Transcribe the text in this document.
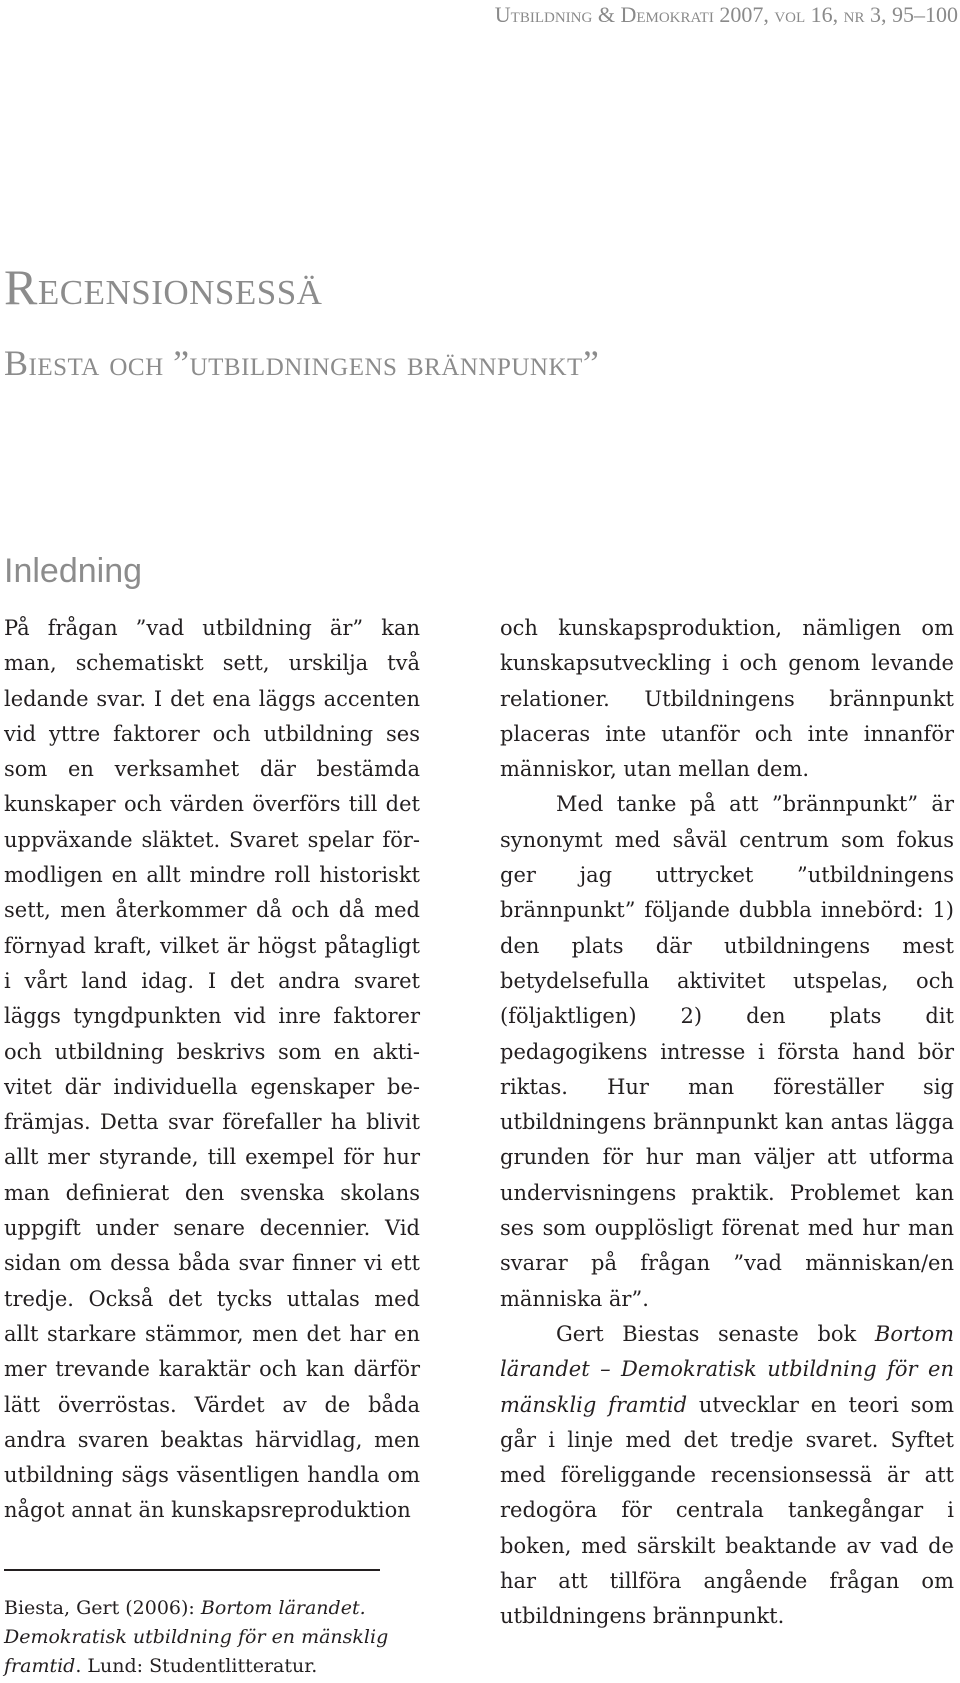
Utbildning & Demokrati 2007, vol 16, nr 3, 95–100
Recensionsessä
Biesta och ”utbildningens brännpunkt”
Inledning

På frågan ”vad utbildning är” kan man, schematiskt sett, urskilja två ledande svar. I det ena läggs accenten vid yttre faktorer och utbildning ses som en verksamhet där bestämda kunskaper och värden överförs till det uppväxande släktet. Svaret spelar förmodligen en allt mindre roll historiskt sett, men återkommer då och då med förnyad kraft, vilket är högst påtagligt i vårt land idag. I det andra svaret läggs tyngdpunkten vid inre faktorer och utbildning beskrivs som en aktivitet där individuella egenskaper befrämjas. Detta svar förefaller ha blivit allt mer styrande, till exempel för hur man definierat den svenska skolans uppgift under senare decennier. Vid sidan om dessa båda svar finner vi ett tredje. Också det tycks uttalas med allt starkare stämmor, men det har en mer trevande karaktär och kan därför lätt överröstas. Värdet av de båda andra svaren beaktas härvidlag, men utbildning sägs väsentligen handla om något annat än kunskapsreproduktion

och kunskapsproduktion, nämligen om kunskapsutveckling i och genom levande relationer. Utbildningens brännpunkt placeras inte utanför och inte innanför människor, utan mellan dem.

Med tanke på att ”brännpunkt” är synonymt med såväl centrum som fokus ger jag uttrycket ”utbildningens brännpunkt” följande dubbla innebörd: 1) den plats där utbildningens mest betydelsefulla aktivitet utspelas, och (följaktligen) 2) den plats dit pedagogikens intresse i första hand bör riktas. Hur man föreställer sig utbildningens brännpunkt kan antas lägga grunden för hur man väljer att utforma undervisningens praktik. Problemet kan ses som oupplösligt förenat med hur man svarar på frågan ”vad människan/en människa är”.

Gert Biestas senaste bok Bortom lärandet – Demokratisk utbildning för en mänsklig framtid utvecklar en teori som går i linje med det tredje svaret. Syftet med föreliggande recensionsessä är att redogöra för centrala tankegångar i boken, med särskilt beaktande av vad de har att tillföra angående frågan om utbildningens brännpunkt.

Biesta, Gert (2006): Bortom lärandet. Demokratisk utbildning för en mänsklig framtid. Lund: Studentlitteratur.
